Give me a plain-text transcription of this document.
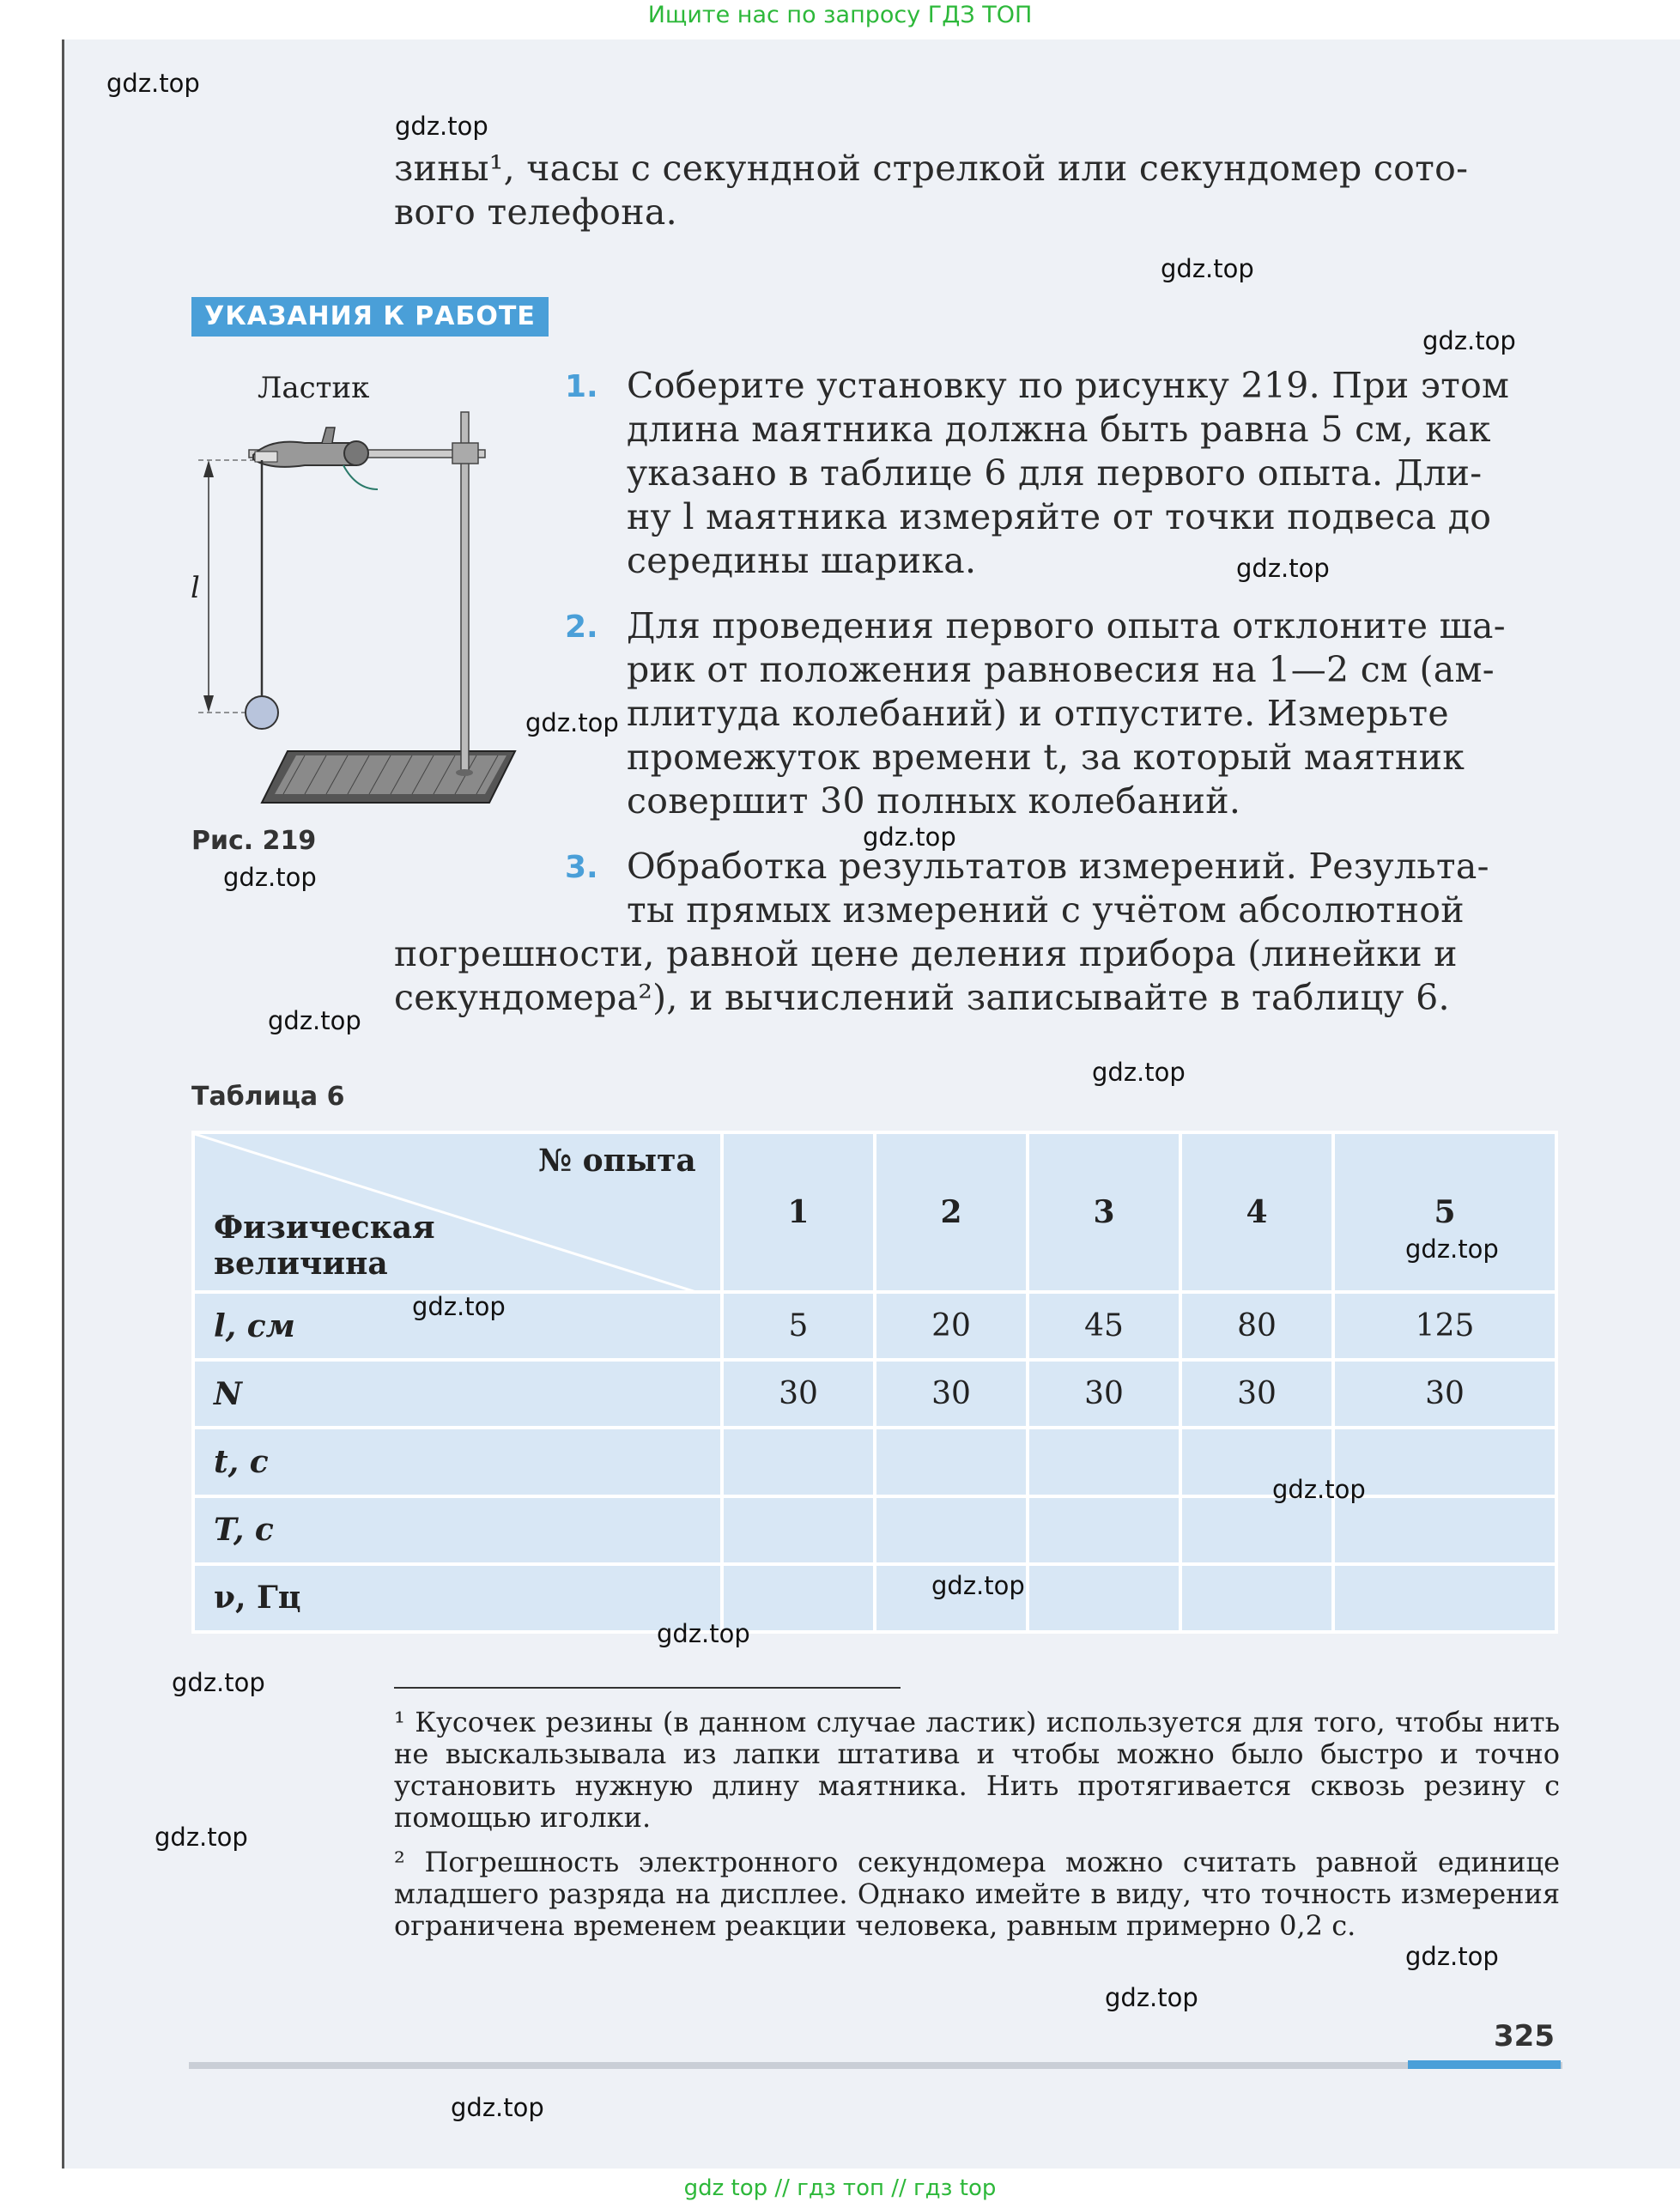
Ищите нас по запросу ГДЗ ТОП
зины¹, часы с секундной стрелкой или секундомер сото-
вого телефона.
УКАЗАНИЯ К РАБОТЕ
Ластик
l
Рис. 219
1. Соберите установку по рисунку 219. При этом
длина маятника должна быть равна 5 см, как
указано в таблице 6 для первого опыта. Дли-
ну l маятника измеряйте от точки подвеса до
середины шарика.
2. Для проведения первого опыта отклоните ша-
рик от положения равновесия на 1—2 см (ам-
плитуда колебаний) и отпустите. Измерьте
промежуток времени t, за который маятник
совершит 30 полных колебаний.
3. Обработка результатов измерений. Результа-
ты прямых измерений с учётом абсолютной
погрешности, равной цене деления прибора (линейки и
секундомера²), и вычислений записывайте в таблицу 6.
Таблица 6
№ опыта
Физическая величина	1	2	3	4	5
l, см	5	20	45	80	125
N	30	30	30	30	30
t, с					
T, с					
ν, Гц					
¹ Кусочек резины (в данном случае ластик) используется для того, чтобы нить не выскальзывала из лапки штатива и чтобы можно было быстро и точно установить нужную длину маятника. Нить протягивается сквозь резину с помощью иголки.
² Погрешность электронного секундомера можно считать равной единице младшего разряда на дисплее. Однако имейте в виду, что точность измерения ограничена временем реакции человека, равным примерно 0,2 с.
325
gdz.top
gdz.top
gdz.top
gdz.top
gdz.top
gdz.top
gdz.top
gdz.top
gdz.top
gdz.top
gdz.top
gdz.top
gdz.top
gdz.top
gdz.top
gdz.top
gdz.top
gdz.top
gdz.top
gdz.top
gdz top // гдз топ // гдз top
